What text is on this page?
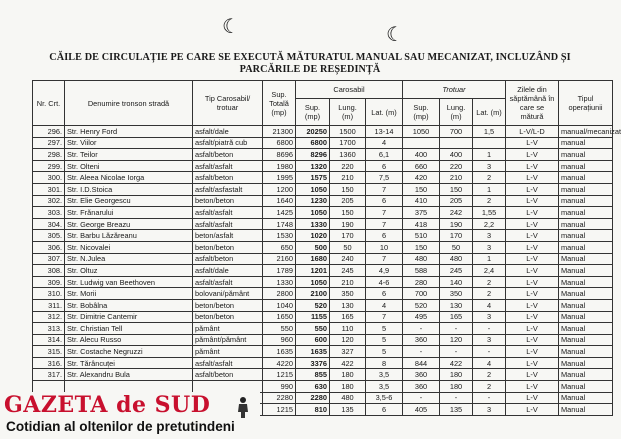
☾	☾
CĂILE DE CIRCULAȚIE PE CARE SE EXECUTĂ MĂTURATUL MANUAL SAU MECANIZAT, INCLUZÂND ȘI PARCĂRILE DE REȘEDINȚĂ
Nr. Crt.	Denumire tronson stradă	Tip Carosabil/ trotuar	Sup. Totală (mp)	Carosabil			Trotuar			Zilele din săptămână în care se mătură	Tipul operațiunii
				Sup. (mp)	Lung. (m)	Lat. (m)	Sup. (mp)	Lung. (m)	Lat. (m)		
296.	Str. Henry Ford	asfalt/dale	21300	20250	1500	13-14	1050	700	1,5	L-V/L-D	manual/mecanizat
297.	Str. Viilor	asfalt/piatră cub	6800	6800	1700	4				L-V	manual
298.	Str. Teilor	asfalt/beton	8696	8296	1360	6,1	400	400	1	L-V	manual
299.	Str. Olteni	asfalt/asfalt	1980	1320	220	6	660	220	3	L-V	manual
300.	Str. Aleea Nicolae Iorga	asfalt/beton	1995	1575	210	7,5	420	210	2	L-V	manual
301.	Str. I.D.Stoica	asfalt/asfastalt	1200	1050	150	7	150	150	1	L-V	manual
302.	Str. Elie Georgescu	beton/beton	1640	1230	205	6	410	205	2	L-V	manual
303.	Str. Frănarului	asfalt/asfalt	1425	1050	150	7	375	242	1,55	L-V	manual
304.	Str. George Breazu	asfalt/asfalt	1748	1330	190	7	418	190	2,2	L-V	manual
305.	Str. Barbu Lăzăreanu	beton/asfalt	1530	1020	170	6	510	170	3	L-V	manual
306.	Str. Nicovalei	beton/beton	650	500	50	10	150	50	3	L-V	manual
307.	Str. N.Julea	asfalt/beton	2160	1680	240	7	480	480	1	L-V	Manual
308.	Str. Oltuz	asfalt/dale	1789	1201	245	4,9	588	245	2,4	L-V	Manual
309.	Str. Ludwig van Beethoven	asfalt/asfalt	1330	1050	210	4-6	280	140	2	L-V	Manual
310.	Str. Morii	bolovani/pământ	2800	2100	350	6	700	350	2	L-V	Manual
311.	Str. Bobâlna	beton/beton	1040	520	130	4	520	130	4	L-V	Manual
312.	Str. Dimitrie Cantemir	beton/beton	1650	1155	165	7	495	165	3	L-V	Manual
313.	Str. Christian Tell	pământ	550	550	110	5	-	-	-	L-V	Manual
314.	Str. Alecu Russo	pământ/pământ	960	600	120	5	360	120	3	L-V	Manual
315.	Str. Costache Negruzzi	pământ	1635	1635	327	5	-	-	-	L-V	Manual
316.	Str. Tărâncuței	asfalt/asfalt	4220	3376	422	8	844	422	4	L-V	Manual
317.	Str. Alexandru Bula	asfalt/beton	1215	855	180	3,5	360	180	2	L-V	Manual
			990	630	180	3,5	360	180	2	L-V	Manual
			2280	2280	480	3,5-6	-	-	-	L-V	Manual
			1215	810	135	6	405	135	3	L-V	Manual
GAZETA de SUD
Cotidian al oltenilor de pretutindeni
